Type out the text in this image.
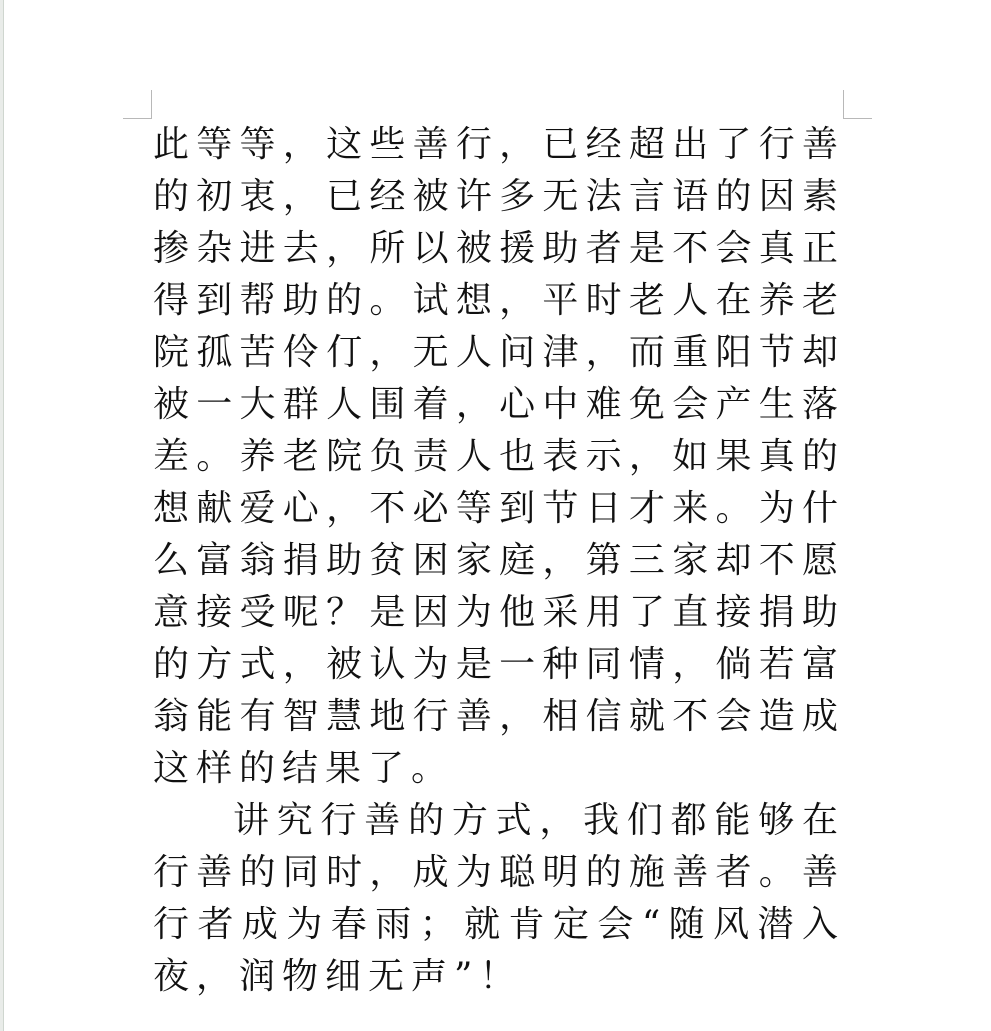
此等等，这些善行，已经超出了行善的初衷，已经被许多无法言语的因素掺杂进去，所以被援助者是不会真正得到帮助的。试想，平时老人在养老院孤苦伶仃，无人问津，而重阳节却被一大群人围着，心中难免会产生落差。养老院负责人也表示，如果真的想献爱心，不必等到节日才来。为什么富翁捐助贫困家庭，第三家却不愿意接受呢？是因为他采用了直接捐助的方式，被认为是一种同情，倘若富翁能有智慧地行善，相信就不会造成这样的结果了。

讲究行善的方式，我们都能够在行善的同时，成为聪明的施善者。善行者成为春雨；就肯定会“随风潜入夜，润物细无声”！
